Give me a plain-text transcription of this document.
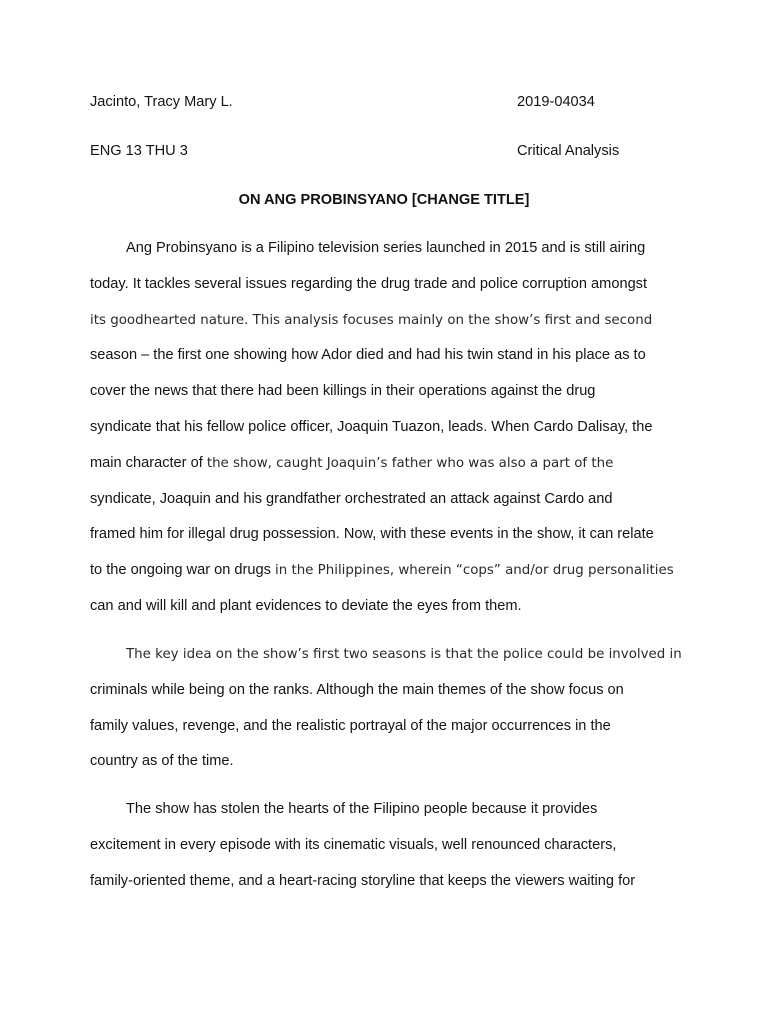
Jacinto, Tracy Mary L.	2019-04034
ENG 13 THU 3	Critical Analysis
ON ANG PROBINSYANO [CHANGE TITLE]
Ang Probinsyano is a Filipino television series launched in 2015 and is still airing
today. It tackles several issues regarding the drug trade and police corruption amongst
its goodhearted nature. This analysis focuses mainly on the show’s first and second
season – the first one showing how Ador died and had his twin stand in his place as to
cover the news that there had been killings in their operations against the drug
syndicate that his fellow police officer, Joaquin Tuazon, leads. When Cardo Dalisay, the
main character of the show, caught Joaquin’s father who was also a part of the
syndicate, Joaquin and his grandfather orchestrated an attack against Cardo and
framed him for illegal drug possession. Now, with these events in the show, it can relate
to the ongoing war on drugs in the Philippines, wherein “cops” and/or drug personalities
can and will kill and plant evidences to deviate the eyes from them.
The key idea on the show’s first two seasons is that the police could be involved in
criminals while being on the ranks. Although the main themes of the show focus on
family values, revenge, and the realistic portrayal of the major occurrences in the
country as of the time.
The show has stolen the hearts of the Filipino people because it provides
excitement in every episode with its cinematic visuals, well renounced characters,
family-oriented theme, and a heart-racing storyline that keeps the viewers waiting for
